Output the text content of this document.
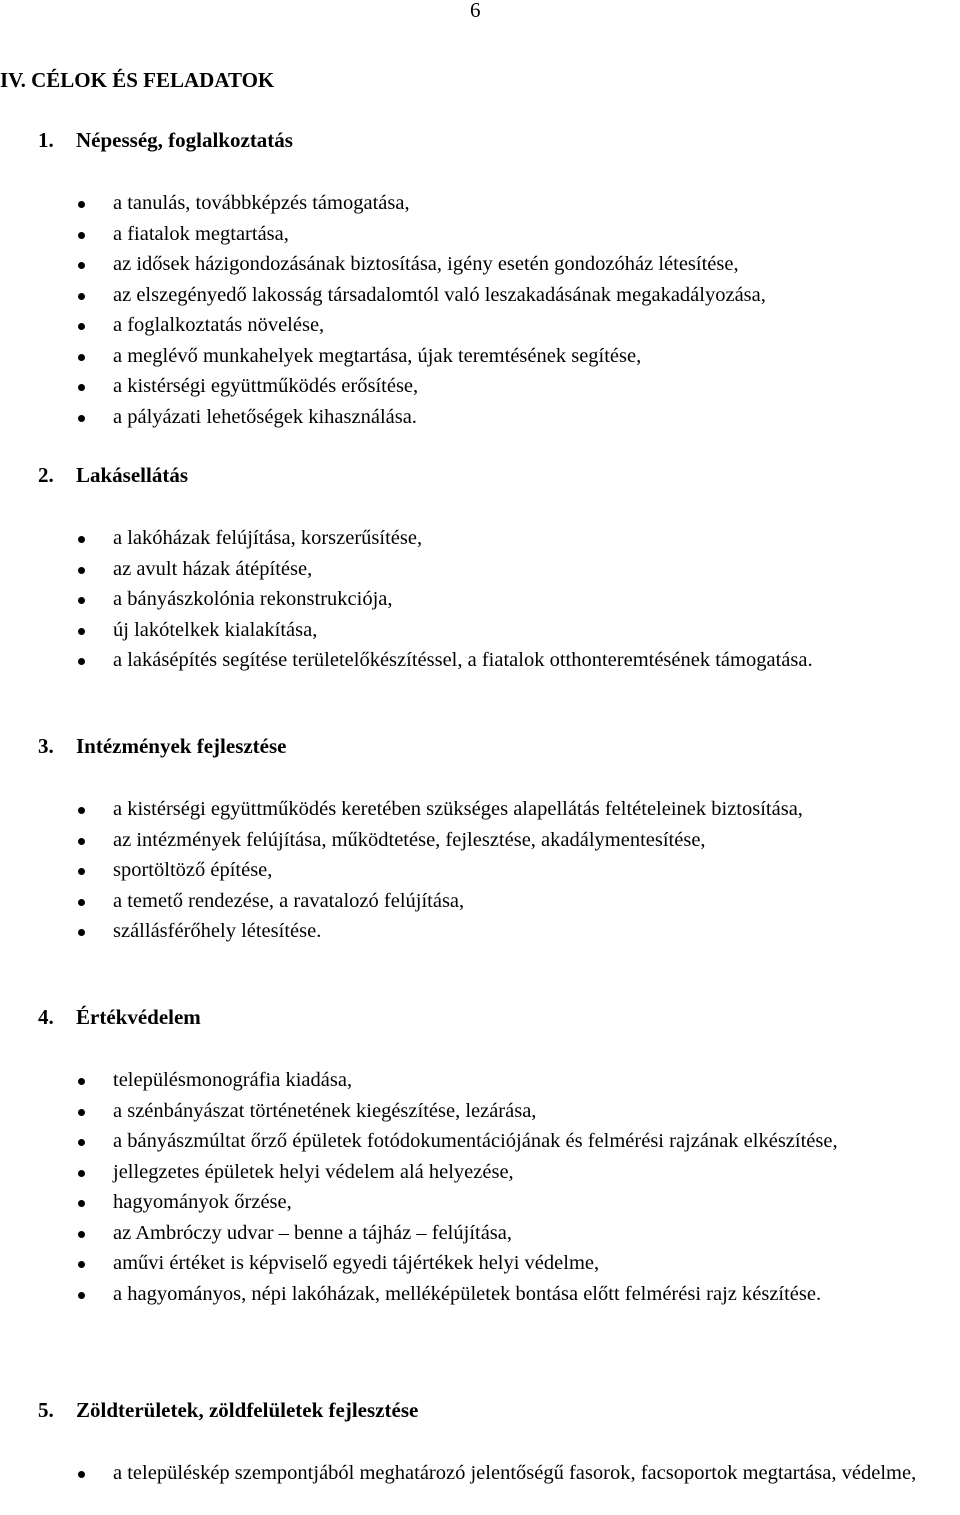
6
IV. CÉLOK ÉS FELADATOK
1. Népesség, foglalkoztatás
a tanulás, továbbképzés támogatása,
a fiatalok megtartása,
az idősek házigondozásának biztosítása, igény esetén gondozóház létesítése,
az elszegényedő lakosság társadalomtól való leszakadásának megakadályozása,
a foglalkoztatás növelése,
a meglévő munkahelyek megtartása, újak teremtésének segítése,
a kistérségi együttműködés erősítése,
a pályázati lehetőségek kihasználása.
2. Lakásellátás
a lakóházak felújítása, korszerűsítése,
az avult házak átépítése,
a bányászkolónia rekonstrukciója,
új lakótelkek kialakítása,
a lakásépítés segítése területelőkészítéssel, a fiatalok otthonteremtésének támogatása.
3. Intézmények fejlesztése
a kistérségi együttműködés keretében szükséges alapellátás feltételeinek biztosítása,
az intézmények felújítása, működtetése, fejlesztése, akadálymentesítése,
sportöltöző építése,
a temető rendezése, a ravatalozó felújítása,
szállásférőhely létesítése.
4. Értékvédelem
településmonográfia kiadása,
a szénbányászat történetének kiegészítése, lezárása,
a bányászmúltat őrző épületek fotódokumentációjának és felmérési rajzának elkészítése,
jellegzetes épületek helyi védelem alá helyezése,
hagyományok őrzése,
az Ambróczy udvar – benne a tájház – felújítása,
aművi értéket is képviselő egyedi tájértékek helyi védelme,
a hagyományos, népi lakóházak, melléképületek bontása előtt felmérési rajz készítése.
5. Zöldterületek, zöldfelületek fejlesztése
a településkép szempontjából meghatározó jelentőségű fasorok, facsoportok megtartása, védelme,
